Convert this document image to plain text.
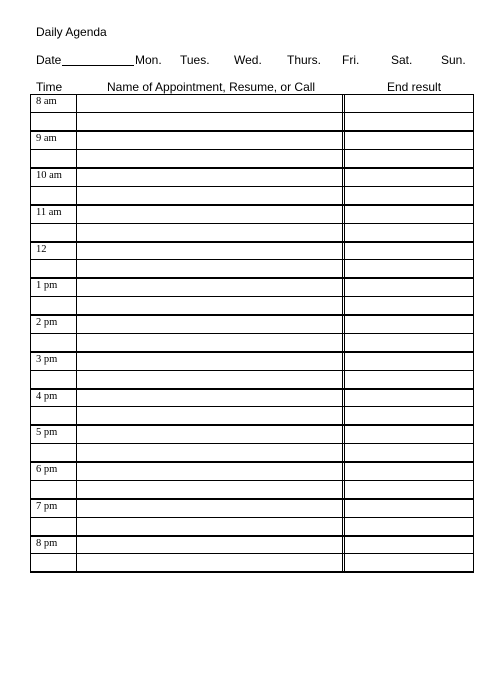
Daily Agenda
Date	Mon. Tues. Wed. Thurs. Fri.	Sat. Sun.
Time	Name of Appointment, Resume, or Call	End result
8 am			

9 am			

10 am			

11 am			

12			

1 pm			

2 pm			

3 pm			

4 pm			

5 pm			

6 pm			

7 pm			

8 pm			
